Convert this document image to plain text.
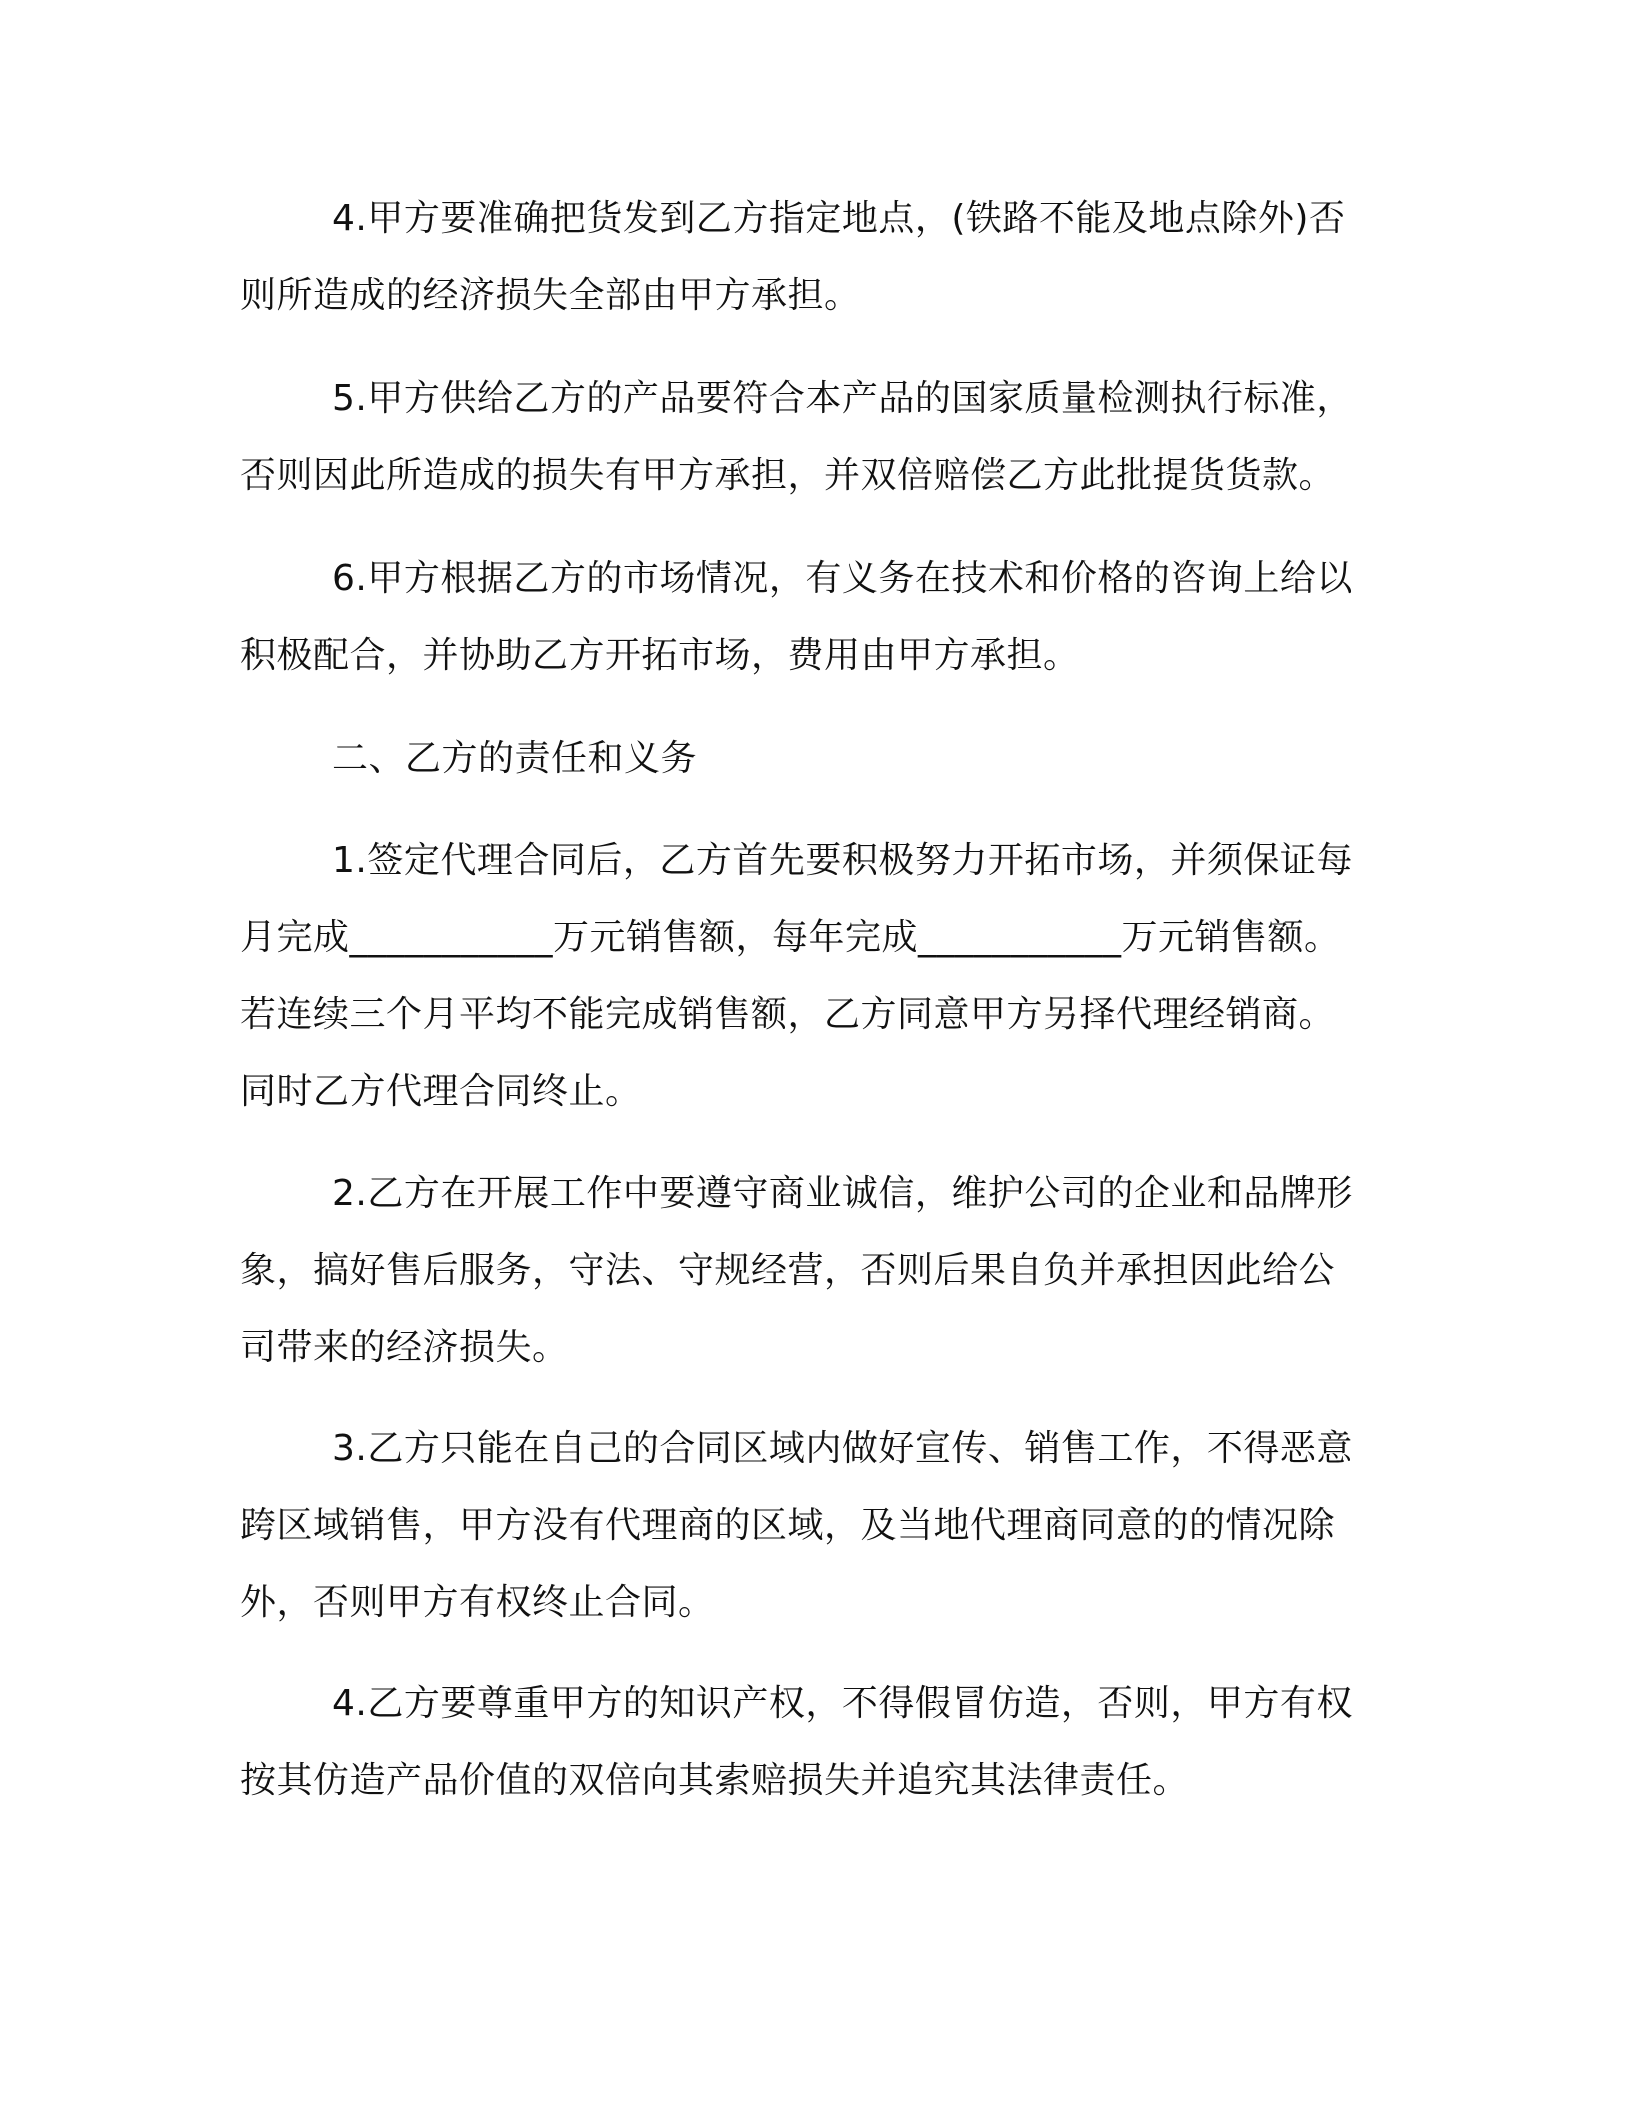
4.甲方要准确把货发到乙方指定地点，(铁路不能及地点除外)否
则所造成的经济损失全部由甲方承担。
5.甲方供给乙方的产品要符合本产品的国家质量检测执行标准，
否则因此所造成的损失有甲方承担，并双倍赔偿乙方此批提货货款。
6.甲方根据乙方的市场情况，有义务在技术和价格的咨询上给以
积极配合，并协助乙方开拓市场，费用由甲方承担。
二、乙方的责任和义务
1.签定代理合同后，乙方首先要积极努力开拓市场，并须保证每
月完成___________万元销售额，每年完成___________万元销售额。
若连续三个月平均不能完成销售额，乙方同意甲方另择代理经销商。
同时乙方代理合同终止。
2.乙方在开展工作中要遵守商业诚信，维护公司的企业和品牌形
象，搞好售后服务，守法、守规经营，否则后果自负并承担因此给公
司带来的经济损失。
3.乙方只能在自己的合同区域内做好宣传、销售工作，不得恶意
跨区域销售，甲方没有代理商的区域，及当地代理商同意的的情况除
外，否则甲方有权终止合同。
4.乙方要尊重甲方的知识产权，不得假冒仿造，否则，甲方有权
按其仿造产品价值的双倍向其索赔损失并追究其法律责任。
